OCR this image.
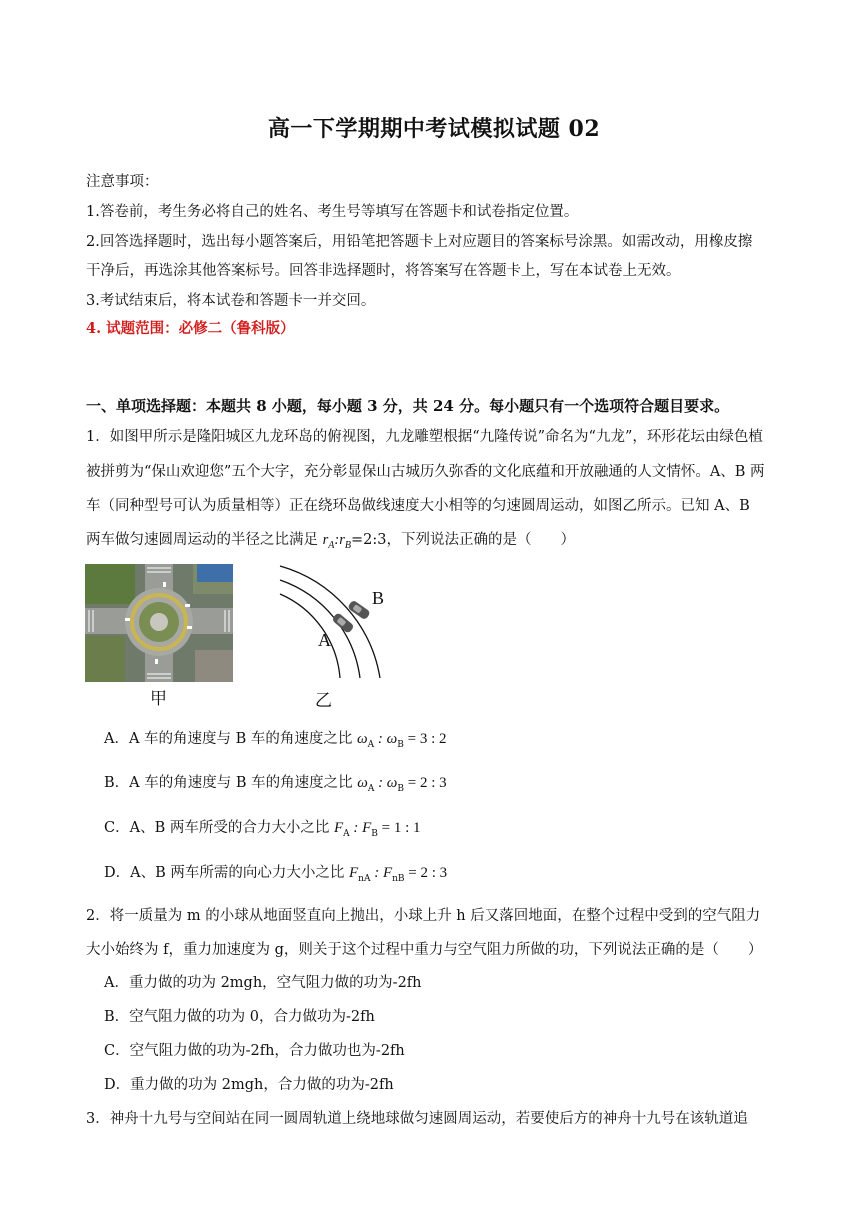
高一下学期期中考试模拟试题 02
注意事项：
1.答卷前，考生务必将自己的姓名、考生号等填写在答题卡和试卷指定位置。
2.回答选择题时，选出每小题答案后，用铅笔把答题卡上对应题目的答案标号涂黑。如需改动，用橡皮擦
干净后，再选涂其他答案标号。回答非选择题时，将答案写在答题卡上，写在本试卷上无效。
3.考试结束后，将本试卷和答题卡一并交回。
4. 试题范围：必修二（鲁科版）
一、单项选择题：本题共 8 小题，每小题 3 分，共 24 分。每小题只有一个选项符合题目要求。
1．如图甲所示是隆阳城区九龙环岛的俯视图，九龙雕塑根据“九隆传说”命名为“九龙”，环形花坛由绿色植
被拼剪为“保山欢迎您”五个大字，充分彰显保山古城历久弥香的文化底蕴和开放融通的人文情怀。A、B 两
车（同种型号可认为质量相等）正在绕环岛做线速度大小相等的匀速圆周运动，如图乙所示。已知 A、B
两车做匀速圆周运动的半径之比满足 $r_A:r_B=2:3$，下列说法正确的是（　　）
甲
B
A
乙
A．A 车的角速度与 B 车的角速度之比 $\omega_A$ : $\omega_B = 3$ : 2
B．A 车的角速度与 B 车的角速度之比 $\omega_A$ : $\omega_B = 2$ : 3
C．A、B 两车所受的合力大小之比 $F_A$ : $F_B = 1$ : 1
D．A、B 两车所需的向心力大小之比 $F_{nA}$ : $F_{nB} = 2$ : 3
2．将一质量为 m 的小球从地面竖直向上抛出，小球上升 h 后又落回地面，在整个过程中受到的空气阻力
大小始终为 f，重力加速度为 g，则关于这个过程中重力与空气阻力所做的功，下列说法正确的是（　　）
A．重力做的功为 2mgh，空气阻力做的功为-2fh
B．空气阻力做的功为 0，合力做功为-2fh
C．空气阻力做的功为-2fh，合力做功也为-2fh
D．重力做的功为 2mgh，合力做的功为-2fh
3．神舟十九号与空间站在同一圆周轨道上绕地球做匀速圆周运动，若要使后方的神舟十九号在该轨道追
